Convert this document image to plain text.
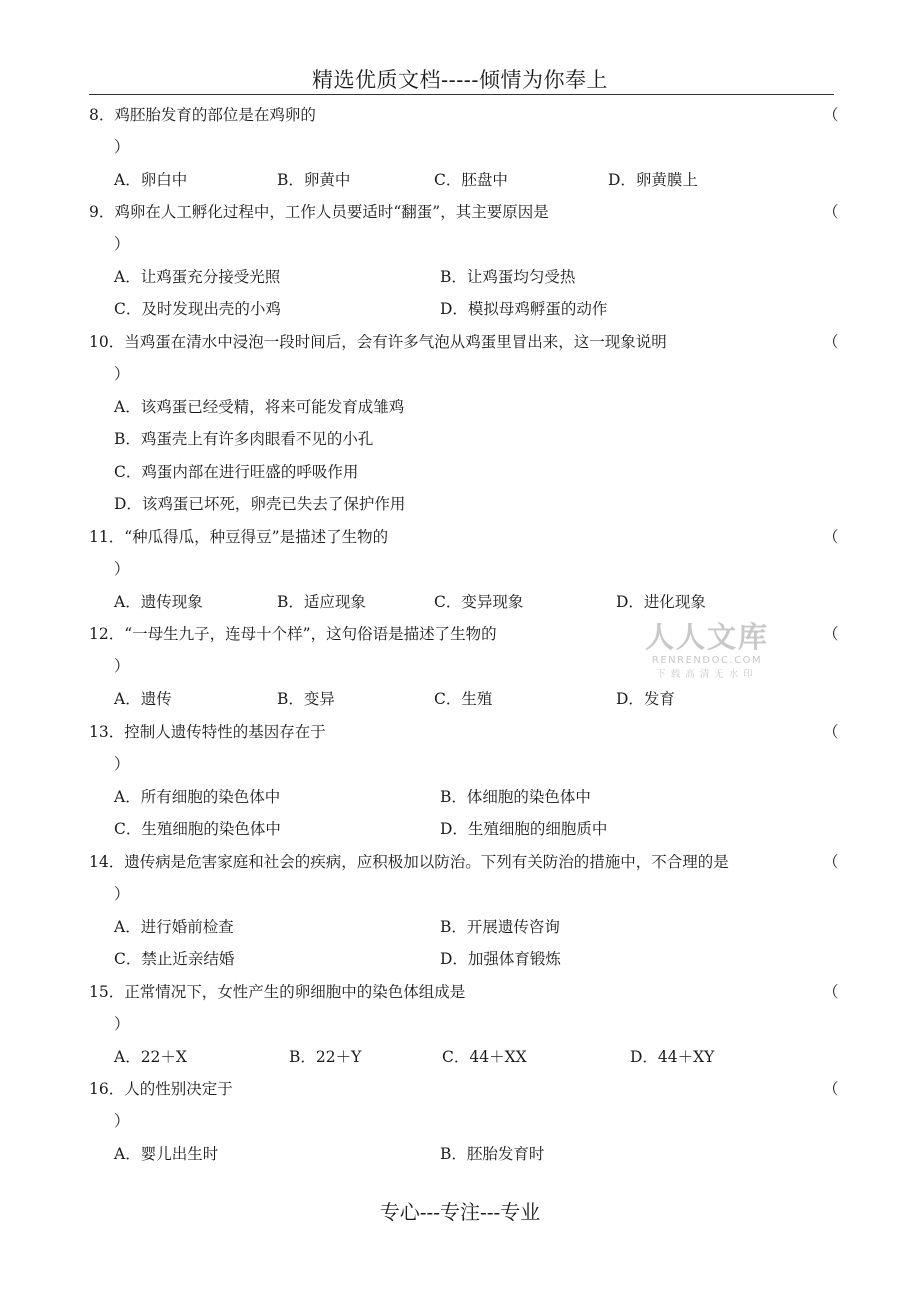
精选优质文档-----倾情为你奉上
8．鸡胚胎发育的部位是在鸡卵的	（
）
A．卵白中	B．卵黄中	C．胚盘中	D．卵黄膜上
9．鸡卵在人工孵化过程中，工作人员要适时“翻蛋”，其主要原因是	（
）
A．让鸡蛋充分接受光照	B．让鸡蛋均匀受热
C．及时发现出壳的小鸡	D．模拟母鸡孵蛋的动作
10．当鸡蛋在清水中浸泡一段时间后，会有许多气泡从鸡蛋里冒出来，这一现象说明	（
）
A．该鸡蛋已经受精，将来可能发育成雏鸡
B．鸡蛋壳上有许多肉眼看不见的小孔
C．鸡蛋内部在进行旺盛的呼吸作用
D．该鸡蛋已坏死，卵壳已失去了保护作用
11．“种瓜得瓜，种豆得豆”是描述了生物的	（
）
A．遗传现象	B．适应现象	C．变异现象	D．进化现象
12．“一母生九子，连母十个样”，这句俗语是描述了生物的	（
）
A．遗传	B．变异	C．生殖	D．发育
13．控制人遗传特性的基因存在于	（
）
A．所有细胞的染色体中	B．体细胞的染色体中
C．生殖细胞的染色体中	D．生殖细胞的细胞质中
14．遗传病是危害家庭和社会的疾病，应积极加以防治。下列有关防治的措施中，不合理的是	（
）
A．进行婚前检查	B．开展遗传咨询
C．禁止近亲结婚	D．加强体育锻炼
15．正常情况下，女性产生的卵细胞中的染色体组成是	（
）
A．22＋X	B．22＋Y	C．44＋XX	D．44＋XY
16．人的性别决定于	（
）
A．婴儿出生时	B．胚胎发育时
人人文库
RENRENDOC.COM
下载高清无水印
专心---专注---专业
